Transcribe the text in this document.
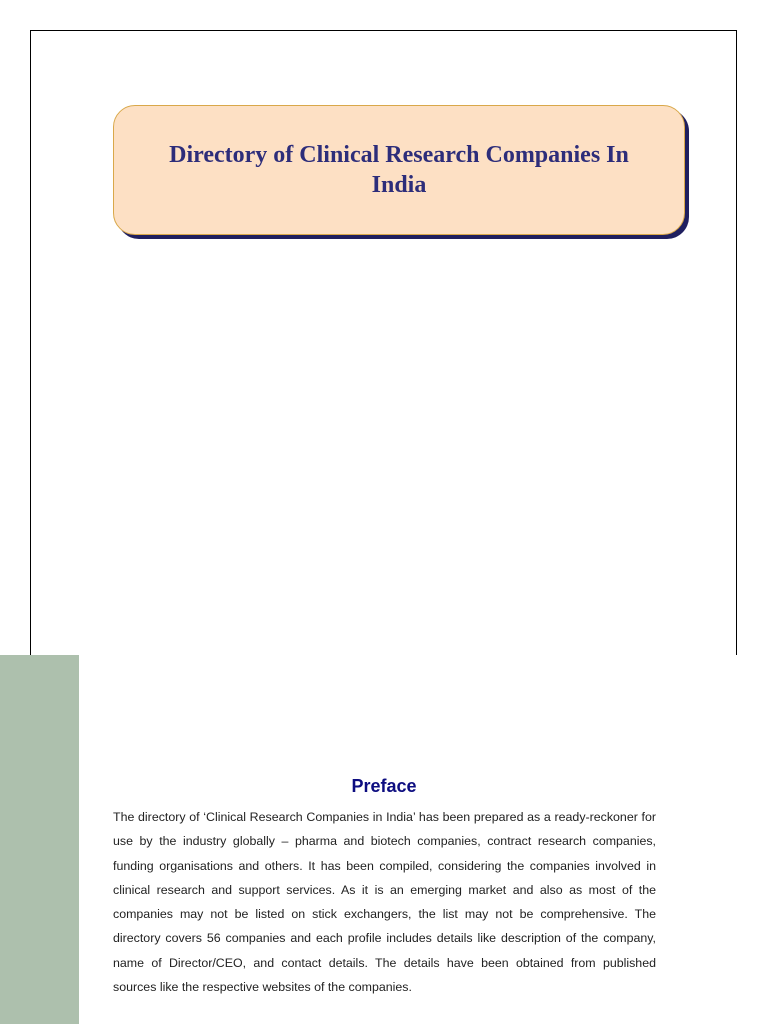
Directory of Clinical Research Companies In India
Preface

The directory of ‘Clinical Research Companies in India’ has been prepared as a ready-reckoner for use by the industry globally – pharma and biotech companies, contract research companies, funding organisations and others. It has been compiled, considering the companies involved in clinical research and support services. As it is an emerging market and also as most of the companies may not be listed on stick exchangers, the list may not be comprehensive. The directory covers 56 companies and each profile includes details like description of the company, name of Director/CEO, and contact details. The details have been obtained from published sources like the respective websites of the companies.
